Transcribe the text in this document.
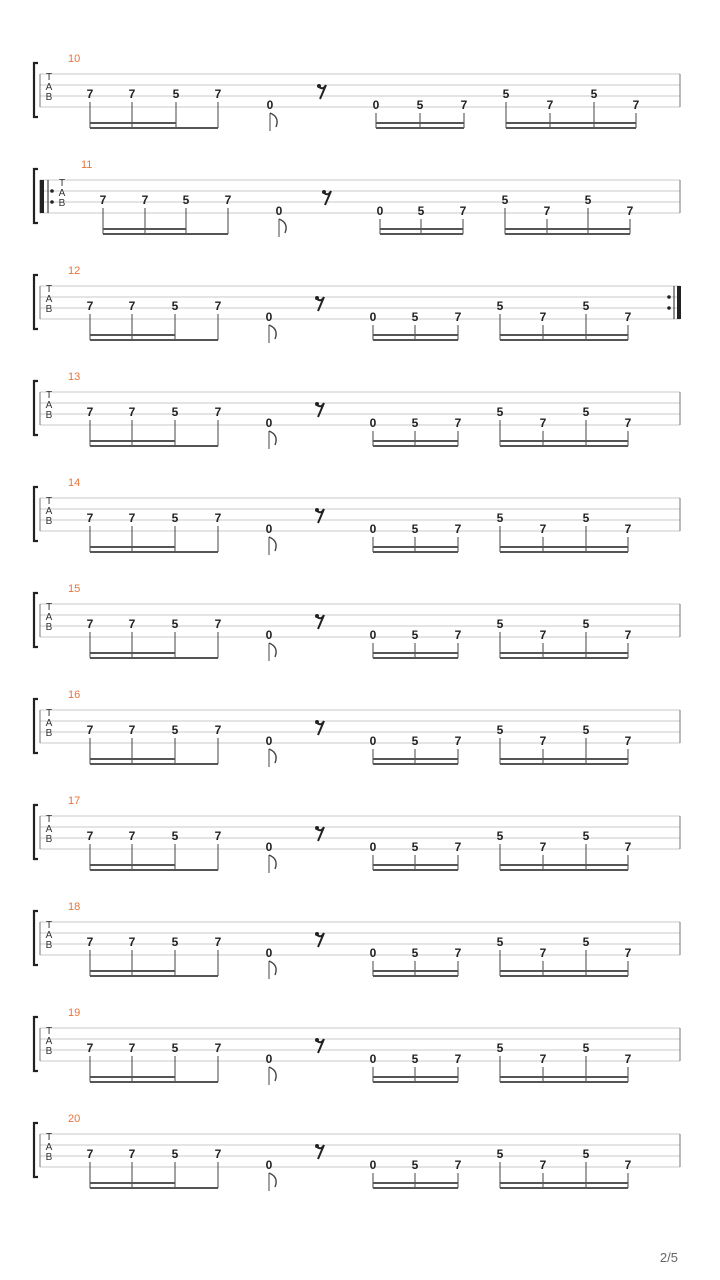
T
A
B
10
7	7	5	7
0	0	5	7
5
7
5
7
T
A
B
11
7	7	5	7
0	0	5	7
5
7
5
7
T
A
B
12
7	7	5	7
0	0	5	7
5
7
5
7
T
A
B
13
7	7	5	7
0	0	5	7
5
7
5
7
T
A
B
14
7	7	5	7
0	0	5	7
5
7
5
7
T
A
B
15
7	7	5	7
0	0	5	7
5
7
5
7
T
A
B
16
7	7	5	7
0	0	5	7
5
7
5
7
T
A
B
17
7	7	5	7
0	0	5	7
5
7
5
7
T
A
B
18
7	7	5	7
0	0	5	7
5
7
5
7
T
A
B
19
7	7	5	7
0	0	5	7
5
7
5
7
T
A
B
20
7	7	5	7
0	0	5	7
5
7
5
7
2/5
